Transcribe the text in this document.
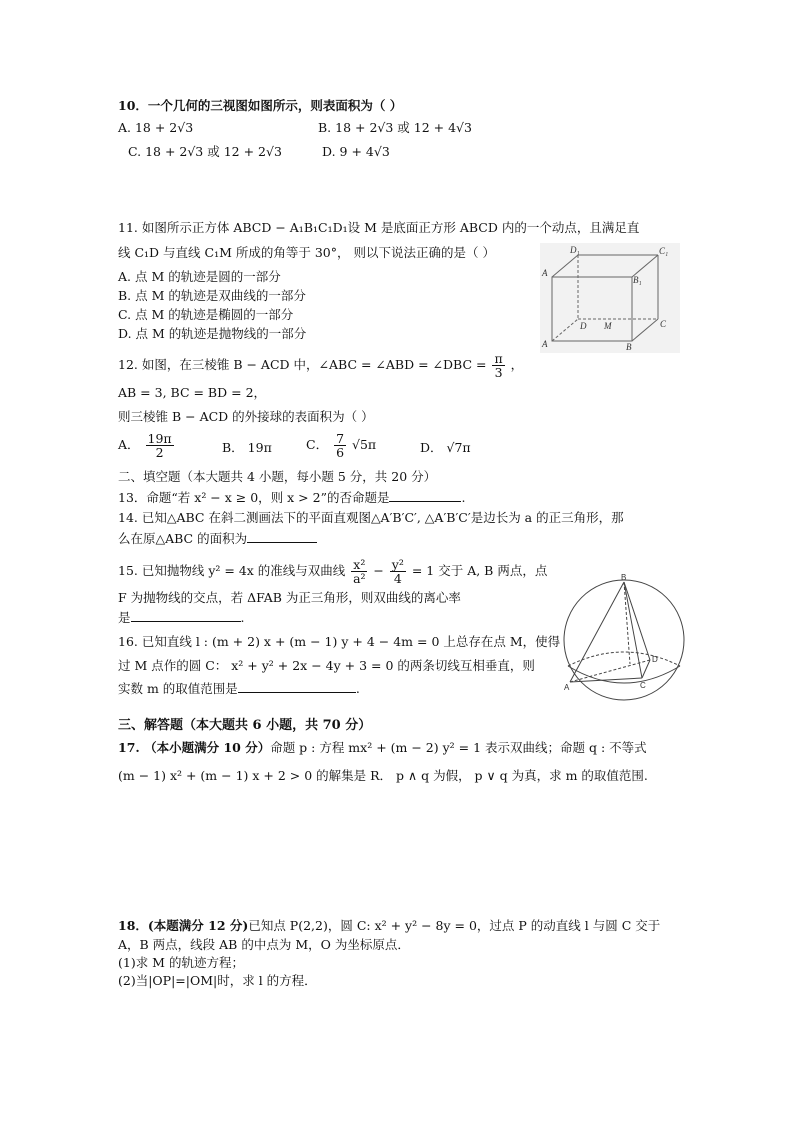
10．一个几何的三视图如图所示，则表面积为（ ）
A. 18 + 2√3	B. 18 + 2√3 或 12 + 4√3
C. 18 + 2√3 或 12 + 2√3	D. 9 + 4√3
11. 如图所示正方体 ABCD − A₁B₁C₁D₁设 M 是底面正方形 ABCD 内的一个动点，且满足直
线 C₁D 与直线 C₁M 所成的角等于 30°， 则以下说法正确的是（ ）
A. 点 M 的轨迹是圆的一部分
B. 点 M 的轨迹是双曲线的一部分
C. 点 M 的轨迹是椭圆的一部分
D. 点 M 的轨迹是抛物线的一部分
D₁	C₁
A
B₁
D	C
M
A	B
12. 如图，在三棱锥 B − ACD 中，∠ABC = ∠ABD = ∠DBC = $\frac{\pi}{3}$ ，
AB = 3, BC = BD = 2，
则三棱锥 B − ACD 的外接球的表面积为（ ）
A． $\frac{19\pi}{2}$	B． 19π	C． $\frac{7}{6} √5\pi$	D． √7π
二、填空题（本大题共 4 小题，每小题 5 分，共 20 分）
13．命题“若 x² − x ≥ 0，则 x > 2”的否命题是	.
14. 已知△ABC 在斜二测画法下的平面直观图△A′B′C′, △A′B′C′是边长为 a 的正三角形，那
么在原△ABC 的面积为
15. 已知抛物线 y² = 4x 的准线与双曲线 $\frac{\text{x²}}{\text{a²}} - \frac{\text{y²}}{4} = 1$ 交于 A, B 两点，点
F 为抛物线的交点，若 ΔFAB 为正三角形，则双曲线的离心率
是	.
16. 已知直线 l : (m + 2) x + (m − 1) y + 4 − 4m = 0 上总存在点 M，使得
过 M 点作的圆 C： x² + y² + 2x − 4y + 3 = 0 的两条切线互相垂直，则
实数 m 的取值范围是	.
B
D
C
A
三、解答题（本大题共 6 小题，共 70 分）
17. （本小题满分 10 分）命题 p : 方程 mx² + (m − 2) y² = 1 表示双曲线；命题 q : 不等式
(m − 1) x² + (m − 1) x + 2 > 0 的解集是 R． p ∧ q 为假， p ∨ q 为真，求 m 的取值范围.
18．(本题满分 12 分)已知点 P(2,2)，圆 C: x² + y² − 8y = 0，过点 P 的动直线 l 与圆 C 交于
A，B 两点，线段 AB 的中点为 M，O 为坐标原点．
(1)求 M 的轨迹方程；
(2)当|OP|=|OM|时，求 l 的方程．
